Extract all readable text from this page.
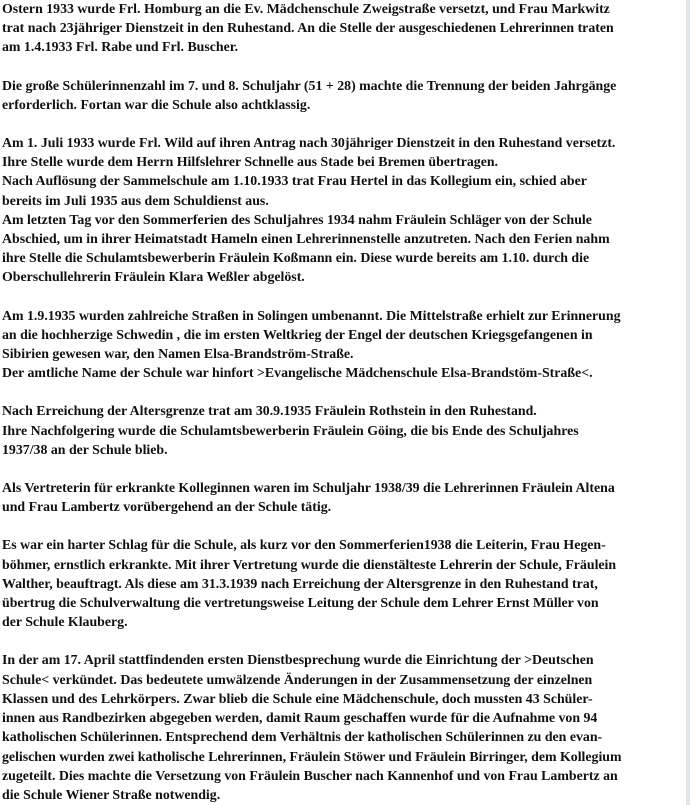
Ostern 1933 wurde Frl. Homburg an die Ev. Mädchenschule Zweigstraße versetzt, und Frau Markwitz
trat nach 23jähriger Dienstzeit in den Ruhestand. An die Stelle der ausgeschiedenen Lehrerinnen traten
am 1.4.1933 Frl. Rabe und Frl. Buscher.
Die große Schülerinnenzahl im 7. und 8. Schuljahr (51 + 28) machte die Trennung der beiden Jahrgänge
erforderlich. Fortan war die Schule also achtklassig.
Am 1. Juli 1933 wurde Frl. Wild auf ihren Antrag nach 30jähriger Dienstzeit in den Ruhestand versetzt.
Ihre Stelle wurde dem Herrn Hilfslehrer Schnelle aus Stade bei Bremen übertragen.
Nach Auflösung der Sammelschule am 1.10.1933 trat Frau Hertel in das Kollegium ein, schied aber
bereits im Juli 1935 aus dem Schuldienst aus.
Am letzten Tag vor den Sommerferien des Schuljahres 1934 nahm Fräulein Schläger von der Schule
Abschied, um in ihrer Heimatstadt Hameln einen Lehrerinnenstelle anzutreten. Nach den Ferien nahm
ihre Stelle die Schulamtsbewerberin Fräulein Koßmann ein. Diese wurde bereits am 1.10. durch die
Oberschullehrerin Fräulein Klara Weßler abgelöst.
Am 1.9.1935 wurden zahlreiche Straßen in Solingen umbenannt. Die Mittelstraße erhielt zur Erinnerung
an die hochherzige Schwedin , die im ersten Weltkrieg der Engel der deutschen Kriegsgefangenen in
Sibirien gewesen war, den Namen Elsa-Brandström-Straße.
Der amtliche Name der Schule war hinfort >Evangelische Mädchenschule Elsa-Brandstöm-Straße<.
Nach Erreichung der Altersgrenze trat am 30.9.1935 Fräulein Rothstein in den Ruhestand.
Ihre Nachfolgering wurde die Schulamtsbewerberin Fräulein Göing, die bis Ende des Schuljahres
1937/38 an der Schule blieb.
Als Vertreterin für erkrankte Kolleginnen waren im Schuljahr 1938/39 die Lehrerinnen Fräulein Altena
und Frau Lambertz vorübergehend an der Schule tätig.
Es war ein harter Schlag für die Schule, als kurz vor den Sommerferien1938 die Leiterin, Frau Hegen-
böhmer, ernstlich erkrankte. Mit ihrer Vertretung wurde die dienstälteste Lehrerin der Schule, Fräulein
Walther, beauftragt. Als diese am 31.3.1939 nach Erreichung der Altersgrenze in den Ruhestand trat,
übertrug die Schulverwaltung die vertretungsweise Leitung der Schule dem Lehrer Ernst Müller von
der Schule Klauberg.
In der am 17. April stattfindenden ersten Dienstbesprechung wurde die Einrichtung der >Deutschen
Schule< verkündet. Das bedeutete umwälzende Änderungen in der Zusammensetzung der einzelnen
Klassen und des Lehrkörpers. Zwar blieb die Schule eine Mädchenschule, doch mussten 43 Schüler-
innen aus Randbezirken abgegeben werden, damit Raum geschaffen wurde für die Aufnahme von 94
katholischen Schülerinnen. Entsprechend dem Verhältnis der katholischen Schülerinnen zu den evan-
gelischen wurden zwei katholische Lehrerinnen, Fräulein Stöwer und Fräulein Birringer, dem Kollegium
zugeteilt. Dies machte die Versetzung von Fräulein Buscher nach Kannenhof und von Frau Lambertz an
die Schule Wiener Straße notwendig.
